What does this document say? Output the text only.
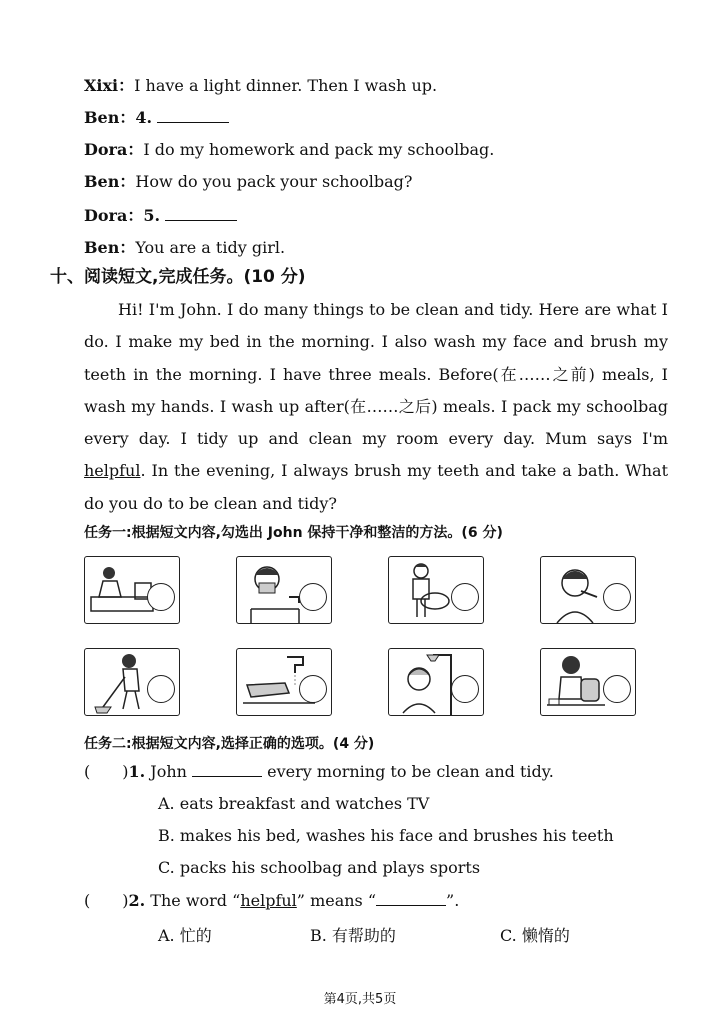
Xixi：I have a light dinner. Then I wash up.
Ben：4.
Dora：I do my homework and pack my schoolbag.
Ben：How do you pack your schoolbag?
Dora：5.
Ben：You are a tidy girl.
十、阅读短文,完成任务。(10 分)

Hi! I'm John. I do many things to be clean and tidy. Here are what I do. I make my bed in the morning. I also wash my face and brush my teeth in the morning. I have three meals. Before(在……之前) meals, I wash my hands. I wash up after(在……之后) meals. I pack my schoolbag every day. I tidy up and clean my room every day. Mum says I'm helpful. In the evening, I always brush my teeth and take a bath. What do you do to be clean and tidy?

任务一:根据短文内容,勾选出 John 保持干净和整洁的方法。(6 分)
任务二:根据短文内容,选择正确的选项。(4 分)
( )1. John	every morning to be clean and tidy.
A. eats breakfast and watches TV
B. makes his bed, washes his face and brushes his teeth
C. packs his schoolbag and plays sports
( )2. The word “helpful” means “	”.
A. 忙的	B. 有帮助的	C. 懒惰的
第4页,共5页
